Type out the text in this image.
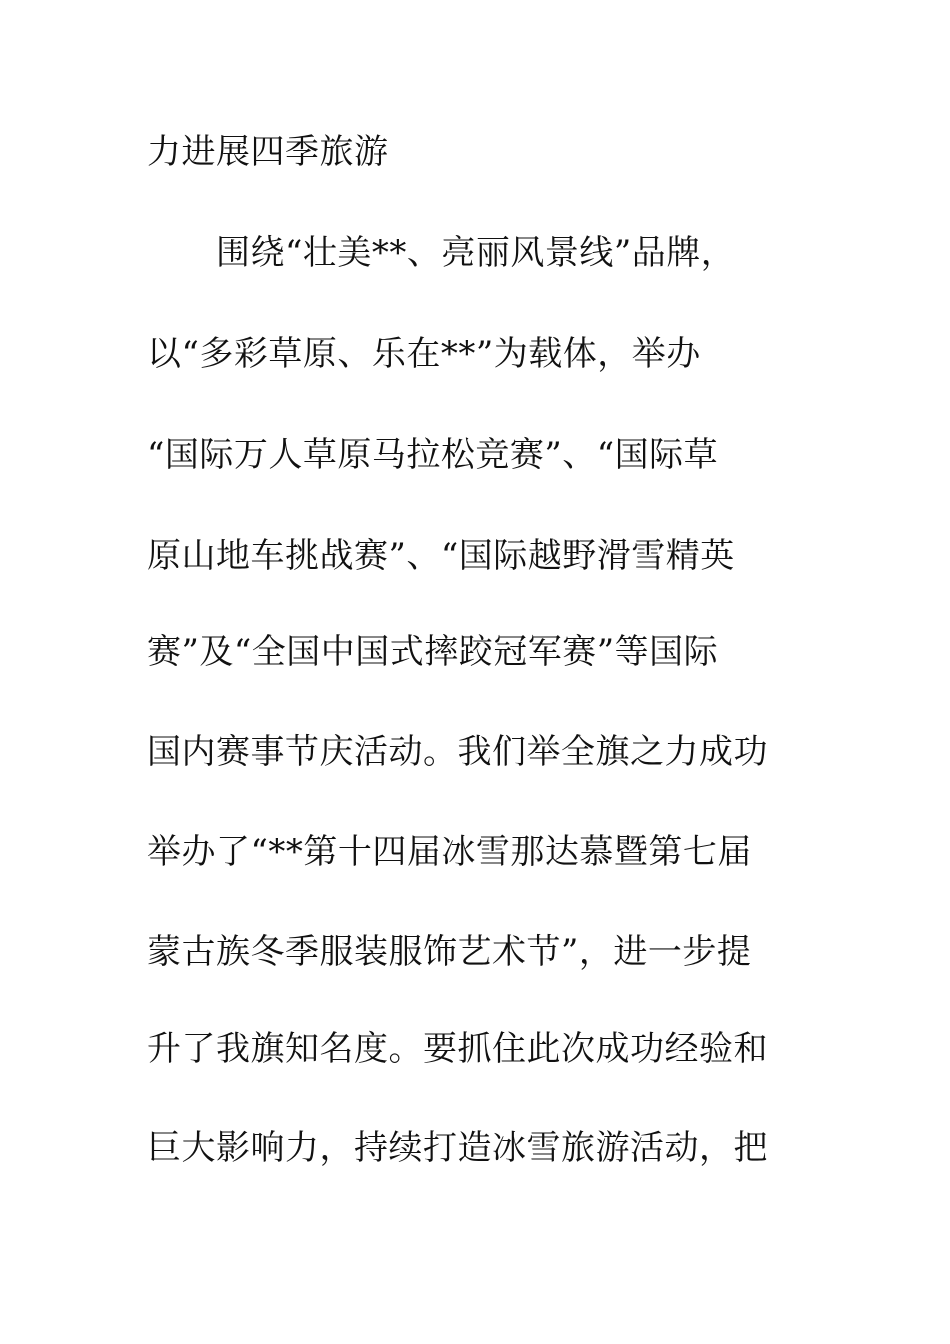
力进展四季旅游
围绕“壮美**、亮丽风景线”品牌，
以“多彩草原、乐在**”为载体，举办
“国际万人草原马拉松竞赛”、“国际草
原山地车挑战赛”、“国际越野滑雪精英
赛”及“全国中国式摔跤冠军赛”等国际
国内赛事节庆活动。我们举全旗之力成功
举办了“**第十四届冰雪那达慕暨第七届
蒙古族冬季服装服饰艺术节”，进一步提
升了我旗知名度。要抓住此次成功经验和
巨大影响力，持续打造冰雪旅游活动，把
